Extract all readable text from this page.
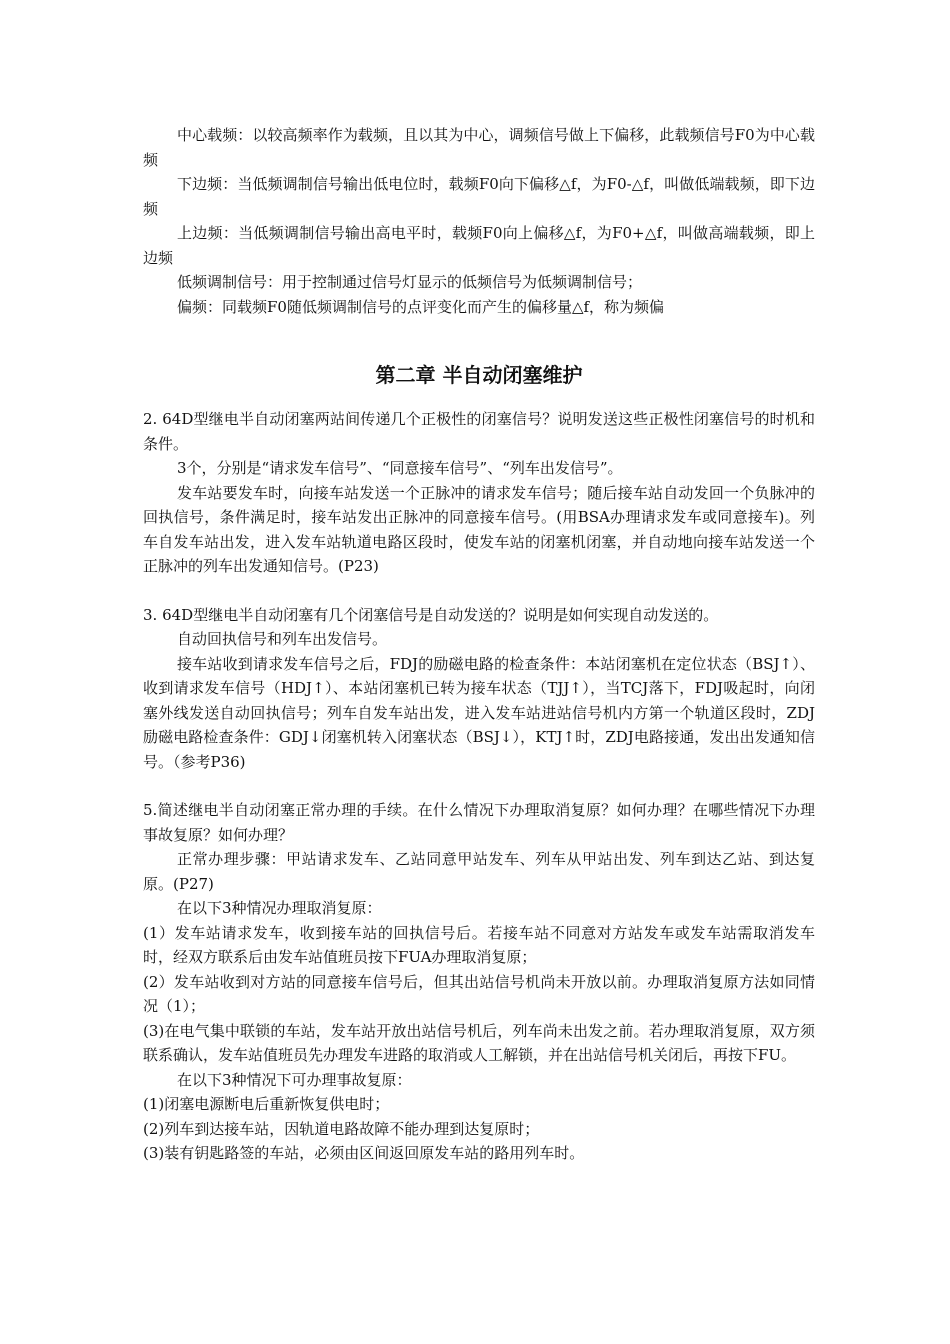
中心载频：以较高频率作为载频，且以其为中心，调频信号做上下偏移，此载频信号F0为中心载频

下边频：当低频调制信号输出低电位时，载频F0向下偏移△f，为F0-△f，叫做低端载频，即下边频

上边频：当低频调制信号输出高电平时，载频F0向上偏移△f，为F0+△f，叫做高端载频，即上边频

低频调制信号：用于控制通过信号灯显示的低频信号为低频调制信号；

偏频：同载频F0随低频调制信号的点评变化而产生的偏移量△f，称为频偏

第二章 半自动闭塞维护

2. 64D型继电半自动闭塞两站间传递几个正极性的闭塞信号？说明发送这些正极性闭塞信号的时机和条件。

3个，分别是“请求发车信号”、“同意接车信号”、“列车出发信号”。

发车站要发车时，向接车站发送一个正脉冲的请求发车信号；随后接车站自动发回一个负脉冲的回执信号，条件满足时，接车站发出正脉冲的同意接车信号。(用BSA办理请求发车或同意接车)。列车自发车站出发，进入发车站轨道电路区段时，使发车站的闭塞机闭塞，并自动地向接车站发送一个正脉冲的列车出发通知信号。(P23)

3. 64D型继电半自动闭塞有几个闭塞信号是自动发送的？说明是如何实现自动发送的。

自动回执信号和列车出发信号。

接车站收到请求发车信号之后，FDJ的励磁电路的检查条件：本站闭塞机在定位状态（BSJ↑）、收到请求发车信号（HDJ↑）、本站闭塞机已转为接车状态（TJJ↑），当TCJ落下，FDJ吸起时，向闭塞外线发送自动回执信号；列车自发车站出发，进入发车站进站信号机内方第一个轨道区段时，ZDJ励磁电路检查条件：GDJ↓闭塞机转入闭塞状态（BSJ↓），KTJ↑时，ZDJ电路接通，发出出发通知信号。（参考P36)

5.简述继电半自动闭塞正常办理的手续。在什么情况下办理取消复原？如何办理？在哪些情况下办理事故复原？如何办理？

正常办理步骤：甲站请求发车、乙站同意甲站发车、列车从甲站出发、列车到达乙站、到达复原。(P27)

在以下3种情况办理取消复原：

(1）发车站请求发车，收到接车站的回执信号后。若接车站不同意对方站发车或发车站需取消发车时，经双方联系后由发车站值班员按下FUA办理取消复原；

(2）发车站收到对方站的同意接车信号后，但其出站信号机尚未开放以前。办理取消复原方法如同情况（1）；

(3)在电气集中联锁的车站，发车站开放出站信号机后，列车尚未出发之前。若办理取消复原，双方须联系确认，发车站值班员先办理发车进路的取消或人工解锁，并在出站信号机关闭后，再按下FU。

在以下3种情况下可办理事故复原：

(1)闭塞电源断电后重新恢复供电时；

(2)列车到达接车站，因轨道电路故障不能办理到达复原时；

(3)装有钥匙路签的车站，必须由区间返回原发车站的路用列车时。
